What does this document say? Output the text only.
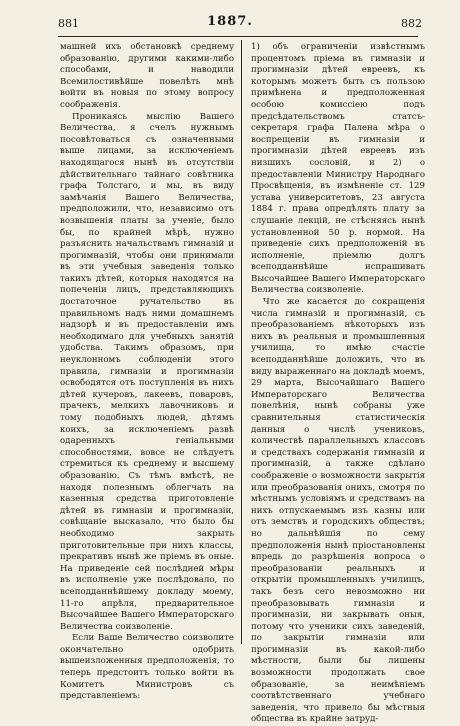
881	1887.	882

машней ихъ обстановкѣ среднему образованію, другими какими-либо способами, и наводили Всемилостивѣйше повелѣть мнѣ войти въ новыя по этому вопросу соображенія.

Проникаясь мыслію Вашего Величества, я счелъ нужнымъ посовѣтоваться съ означенными выше лицами, за исключеніемъ находящагося нынѣ въ отсутствіи дѣйствительнаго тайнаго совѣтника графа Толстаго, и мы, въ виду замѣчанія Вашего Величества, предположили, что, независимо отъ возвышенія платы за ученіе, было бы, по крайней мѣрѣ, нужно разъяснить начальствамъ гимназій и прогимназій, чтобы они принимали въ эти учебныя заведенія только такихъ дѣтей, которыя находятся на попеченіи лицъ, представляющихъ достаточное ручательство въ правильномъ надъ ними домашнемъ надзорѣ и въ предоставленіи имъ необходимаго для учебныхъ занятій удобства. Такимъ образомъ, при неуклонномъ соблюденіи этого правила, гимназіи и прогимназіи освободятся отъ поступленія въ нихъ дѣтей кучеровъ, лакеевъ, поваровъ, прачекъ, мелкихъ лавочниковъ и тому подобныхъ людей, дѣтямъ коихъ, за исключеніемъ развѣ одаренныхъ геніальными способностями, вовсе не слѣдуетъ стремиться къ среднему и высшему образованію. Съ тѣмъ вмѣстѣ, не находя полезнымъ облегчать на казенныя средства приготовленіе дѣтей въ гимназіи и прогимназіи, совѣщаніе высказало, что было бы необходимо закрыть приготовительные при нихъ классы, прекративъ нынѣ же пріемъ въ оные. На приведеніе сей послѣдней мѣры въ исполненіе уже послѣдовало, по всеподданнѣйшему докладу моему, 11-го апрѣля, предварительное Высочайшее Вашего Императорскаго Величества соизволеніе.

Если Ваше Величество соизволите окончательно одобрить вышеизложенныя предположенія, то теперь предстоитъ только войти въ Комитетъ Министровъ съ представленіемъ:

1) объ ограниченіи извѣстнымъ процентомъ пріема въ гимназіи и прогимназіи дѣтей евреевъ, къ которымъ можетъ быть съ пользою примѣнена и предположенная особою комиссіею подъ предсѣдательствомъ статсъ-секретаря графа Палена мѣра о воспрещеніи въ гимназіи и прогимназіи дѣтей евреевъ изъ низшихъ сословій, и 2) о предоставленіи Министру Народнаго Просвѣщенія, въ измѣненіе ст. 129 устава университетовъ, 23 августа 1884 г. права опредѣлять плату за слушаніе лекцій, не стѣсняясь нынѣ установленной 50 р. нормой. На приведеніе сихъ предположеній въ исполненіе, пріемлю долгъ всеподданнѣйше испрашивать Высочайшее Вашего Императорскаго Величества соизволеніе.

Что же касается до сокращенія числа гимназій и прогимназій, съ преобразованіемъ нѣкоторыхъ изъ нихъ въ реальныя и промышленныя училища, то имѣю счастіе всеподданнѣйше доложить, что въ виду выраженнаго на докладѣ моемъ, 29 марта, Высочайшаго Вашего Императорскаго Величества повелѣнія, нынѣ собраны уже сравнительныя статистическія данныя о числѣ учениковъ, количествѣ параллельныхъ классовъ и средствахъ содержанія гимназій и прогимназій, а также сдѣлано соображеніе о возможности закрытія или преобразованія онихъ, смотря по мѣстнымъ условіямъ и средствамъ на нихъ отпускаемымъ изъ казны или отъ земствъ и городскихъ обществъ; но дальнѣйшія по сему предположенія нынѣ пріостановлены впредь до разрѣшенія вопроса о преобразованіи реальныхъ и открытіи промышленныхъ училищъ, такъ безъ сего невозможно ни преобразовывать гимназіи и прогимназіи, ни закрывать оныя, потому что ученики сихъ заведеній, по закрытіи гимназіи или прогимназіи въ какой-либо мѣстности, были бы лишены возможности продолжать свое образованіе, за неимѣніемъ соотвѣтственнаго учебнаго заведенія, что привело бы мѣстныя общества въ крайне затруд-
